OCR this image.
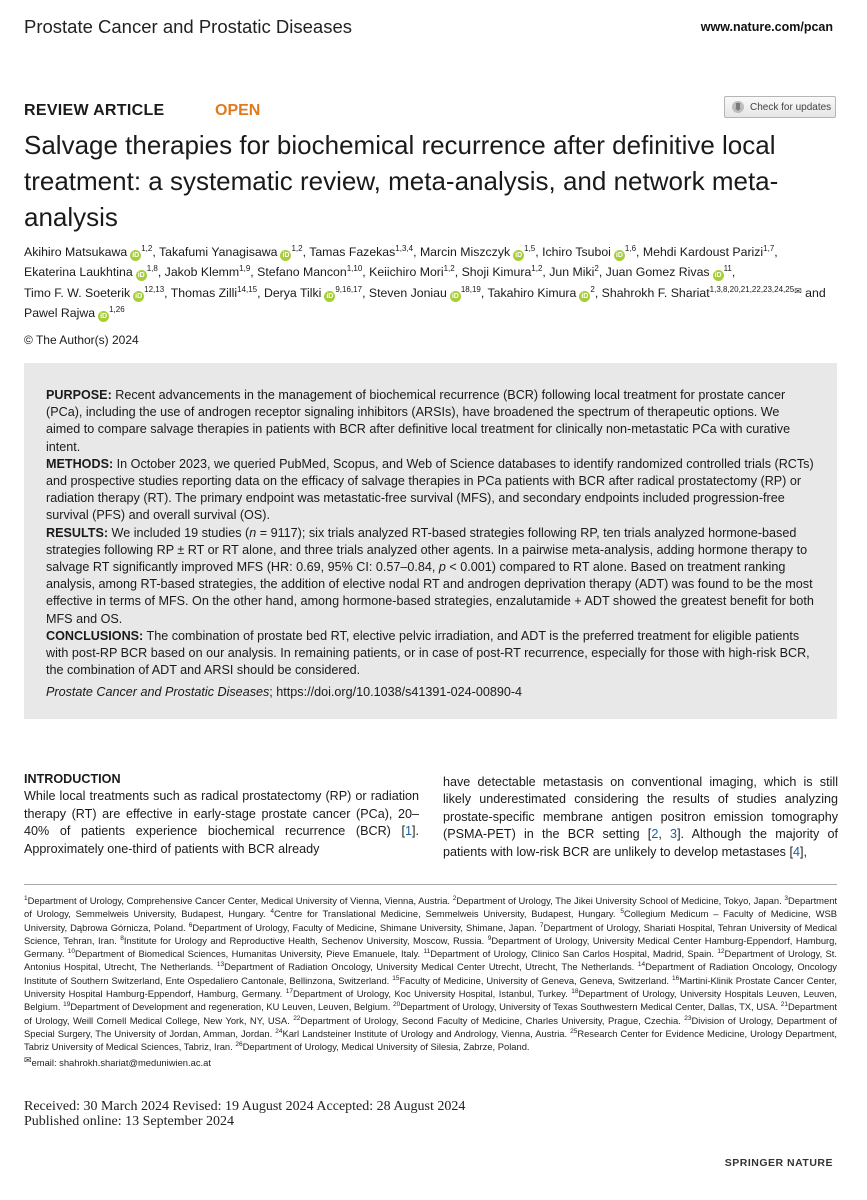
Prostate Cancer and Prostatic Diseases	www.nature.com/pcan
REVIEW ARTICLE	OPEN	Check for updates
Salvage therapies for biochemical recurrence after definitive local treatment: a systematic review, meta-analysis, and network meta-analysis
Akihiro Matsukawa iD$^{1,2}$, Takafumi Yanagisawa iD$^{1,2}$, Tamas Fazekas$^{1,3,4}$, Marcin Miszczyk iD$^{1,5}$, Ichiro Tsuboi iD$^{1,6}$, Mehdi Kardoust Parizi$^{1,7}$, Ekaterina Laukhtina iD$^{1,8}$, Jakob Klemm$^{1,9}$, Stefano Mancon$^{1,10}$, Keiichiro Mori$^{1,2}$, Shoji Kimura$^{1,2}$, Jun Miki$^2$, Juan Gomez Rivas $iD^{11}$, Timo F. W. Soeterik iD$^{12,13}$, Thomas Zilli$^{14,15}$, Derya Tilki iD$^{9,16,17}$, Steven Joniau iD$^{18,19}$, Takahiro Kimura $iD^2$, Shahrokh F. Shariat$^{1,3,8,20,21,22,23,24,25✉}$ and Pawel Rajwa iD$^{1,26}$
© The Author(s) 2024

PURPOSE: Recent advancements in the management of biochemical recurrence (BCR) following local treatment for prostate cancer (PCa), including the use of androgen receptor signaling inhibitors (ARSIs), have broadened the spectrum of therapeutic options. We aimed to compare salvage therapies in patients with BCR after definitive local treatment for clinically non-metastatic PCa with curative intent.

METHODS: In October 2023, we queried PubMed, Scopus, and Web of Science databases to identify randomized controlled trials (RCTs) and prospective studies reporting data on the efficacy of salvage therapies in PCa patients with BCR after radical prostatectomy (RP) or radiation therapy (RT). The primary endpoint was metastatic-free survival (MFS), and secondary endpoints included progression-free survival (PFS) and overall survival (OS).

RESULTS: We included 19 studies (n = 9117); six trials analyzed RT-based strategies following RP, ten trials analyzed hormone-based strategies following RP ± RT or RT alone, and three trials analyzed other agents. In a pairwise meta-analysis, adding hormone therapy to salvage RT significantly improved MFS (HR: 0.69, 95% CI: 0.57–0.84, p < 0.001) compared to RT alone. Based on treatment ranking analysis, among RT-based strategies, the addition of elective nodal RT and androgen deprivation therapy (ADT) was found to be the most effective in terms of MFS. On the other hand, among hormone-based strategies, enzalutamide + ADT showed the greatest benefit for both MFS and OS.

CONCLUSIONS: The combination of prostate bed RT, elective pelvic irradiation, and ADT is the preferred treatment for eligible patients with post-RP BCR based on our analysis. In remaining patients, or in case of post-RT recurrence, especially for those with high-risk BCR, the combination of ADT and ARSI should be considered.

Prostate Cancer and Prostatic Diseases; https://doi.org/10.1038/s41391-024-00890-4

INTRODUCTION
While local treatments such as radical prostatectomy (RP) or radiation therapy (RT) are effective in early-stage prostate cancer (PCa), 20–40% of patients experience biochemical recurrence (BCR) [1]. Approximately one-third of patients with BCR already
have detectable metastasis on conventional imaging, which is still likely underestimated considering the results of studies analyzing prostate-specific membrane antigen positron emission tomography (PSMA-PET) in the BCR setting [2, 3]. Although the majority of patients with low-risk BCR are unlikely to develop metastases [4],
$^1$Department of Urology, Comprehensive Cancer Center, Medical University of Vienna, Vienna, Austria. $^2$Department of Urology, The Jikei University School of Medicine, Tokyo, Japan. $^3$Department of Urology, Semmelweis University, Budapest, Hungary. $^4$Centre for Translational Medicine, Semmelweis University, Budapest, Hungary. $^5$Collegium Medicum – Faculty of Medicine, WSB University, Dąbrowa Górnicza, Poland. $^6$Department of Urology, Faculty of Medicine, Shimane University, Shimane, Japan. $^7$Department of Urology, Shariati Hospital, Tehran University of Medical Science, Tehran, Iran. $^8$Institute for Urology and Reproductive Health, Sechenov University, Moscow, Russia. $^9$Department of Urology, University Medical Center Hamburg-Eppendorf, Hamburg, Germany. $^{10}$Department of Biomedical Sciences, Humanitas University, Pieve Emanuele, Italy. $^{11}$Department of Urology, Clinico San Carlos Hospital, Madrid, Spain. $^{12}$Department of Urology, St. Antonius Hospital, Utrecht, The Netherlands. $^{13}$Department of Radiation Oncology, University Medical Center Utrecht, Utrecht, The Netherlands. $^{14}$Department of Radiation Oncology, Oncology Institute of Southern Switzerland, Ente Ospedaliero Cantonale, Bellinzona, Switzerland. $^{15}$Faculty of Medicine, University of Geneva, Geneva, Switzerland. $^{16}$Martini-Klinik Prostate Cancer Center, University Hospital Hamburg-Eppendorf, Hamburg, Germany. $^{17}$Department of Urology, Koc University Hospital, Istanbul, Turkey. $^{18}$Department of Urology, University Hospitals Leuven, Leuven, Belgium. $^{19}$Department of Development and regeneration, KU Leuven, Leuven, Belgium. $^{20}$Department of Urology, University of Texas Southwestern Medical Center, Dallas, TX, USA. $^{21}$Department of Urology, Weill Cornell Medical College, New York, NY, USA. $^{22}$Department of Urology, Second Faculty of Medicine, Charles University, Prague, Czechia. $^{23}$Division of Urology, Department of Special Surgery, The University of Jordan, Amman, Jordan. $^{24}$Karl Landsteiner Institute of Urology and Andrology, Vienna, Austria. $^{25}$Research Center for Evidence Medicine, Urology Department, Tabriz University of Medical Sciences, Tabriz, Iran. $^{26}$Department of Urology, Medical University of Silesia, Zabrze, Poland.
✉email: shahrokh.shariat@meduniwien.ac.at
Received: 30 March 2024 Revised: 19 August 2024 Accepted: 28 August 2024
Published online: 13 September 2024
SPRINGER NATURE
